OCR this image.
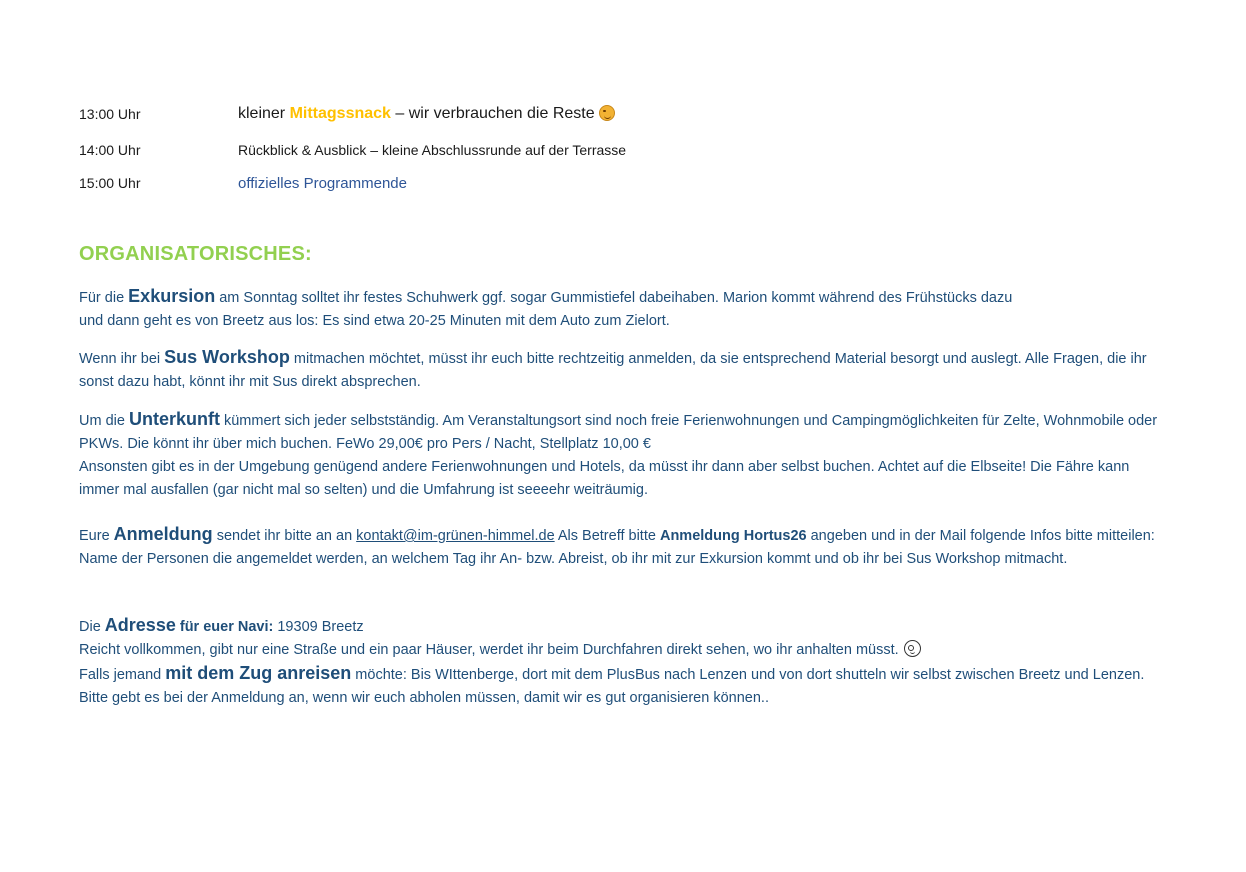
13:00 Uhr	kleiner Mittagssnack – wir verbrauchen die Reste
14:00 Uhr	Rückblick & Ausblick – kleine Abschlussrunde auf der Terrasse
15:00 Uhr	offizielles Programmende
ORGANISATORISCHES:
Für die Exkursion am Sonntag solltet ihr festes Schuhwerk ggf. sogar Gummistiefel dabeihaben. Marion kommt während des Frühstücks dazu
und dann geht es von Breetz aus los: Es sind etwa 20-25 Minuten mit dem Auto zum Zielort.
Wenn ihr bei Sus Workshop mitmachen möchtet, müsst ihr euch bitte rechtzeitig anmelden, da sie entsprechend Material besorgt und auslegt. Alle Fragen, die ihr sonst dazu habt, könnt ihr mit Sus direkt absprechen.
Um die Unterkunft kümmert sich jeder selbstständig. Am Veranstaltungsort sind noch freie Ferienwohnungen und Campingmöglichkeiten für Zelte, Wohnmobile oder PKWs. Die könnt ihr über mich buchen. FeWo 29,00€ pro Pers / Nacht, Stellplatz 10,00 €
Ansonsten gibt es in der Umgebung genügend andere Ferienwohnungen und Hotels, da müsst ihr dann aber selbst buchen. Achtet auf die Elbseite! Die Fähre kann immer mal ausfallen (gar nicht mal so selten) und die Umfahrung ist seeeehr weiträumig.
Eure Anmeldung sendet ihr bitte an an kontakt@im-grünen-himmel.de Als Betreff bitte Anmeldung Hortus26 angeben und in der Mail folgende Infos bitte mitteilen:
Name der Personen die angemeldet werden, an welchem Tag ihr An- bzw. Abreist, ob ihr mit zur Exkursion kommt und ob ihr bei Sus Workshop mitmacht.
Die Adresse für euer Navi: 19309 Breetz
Reicht vollkommen, gibt nur eine Straße und ein paar Häuser, werdet ihr beim Durchfahren direkt sehen, wo ihr anhalten müsst.
Falls jemand mit dem Zug anreisen möchte: Bis WIttenberge, dort mit dem PlusBus nach Lenzen und von dort shutteln wir selbst zwischen Breetz und Lenzen. Bitte gebt es bei der Anmeldung an, wenn wir euch abholen müssen, damit wir es gut organisieren können..
